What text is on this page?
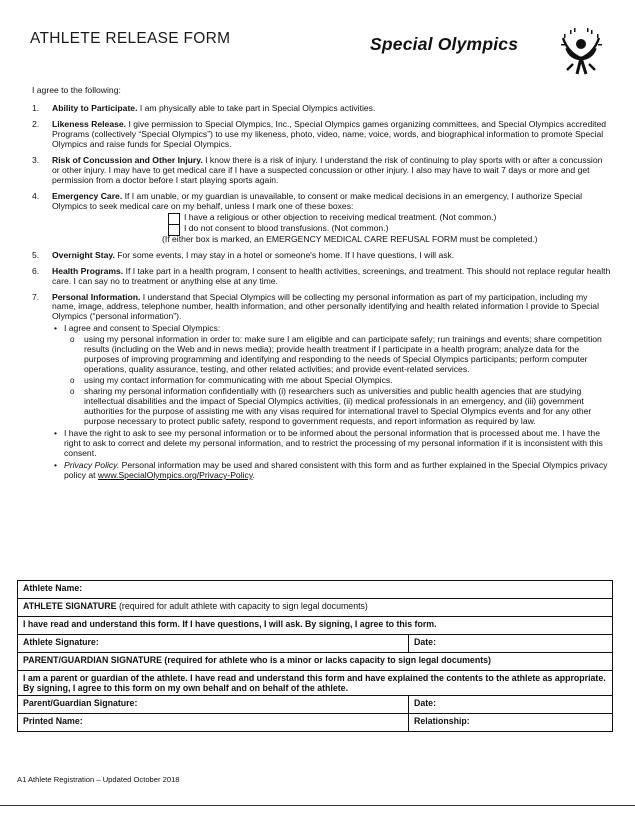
ATHLETE RELEASE FORM	Special Olympics

I agree to the following:

1. Ability to Participate. I am physically able to take part in Special Olympics activities.
2. Likeness Release. I give permission to Special Olympics, Inc., Special Olympics games organizing committees, and Special Olympics accredited Programs (collectively “Special Olympics”) to use my likeness, photo, video, name, voice, words, and biographical information to promote Special Olympics and raise funds for Special Olympics.
3. Risk of Concussion and Other Injury. I know there is a risk of injury. I understand the risk of continuing to play sports with or after a concussion or other injury. I may have to get medical care if I have a suspected concussion or other injury. I also may have to wait 7 days or more and get permission from a doctor before I start playing sports again.
4. Emergency Care. If I am unable, or my guardian is unavailable, to consent or make medical decisions in an emergency, I authorize Special Olympics to seek medical care on my behalf, unless I mark one of these boxes:
I have a religious or other objection to receiving medical treatment. (Not common.)
I do not consent to blood transfusions. (Not common.)
(If either box is marked, an EMERGENCY MEDICAL CARE REFUSAL FORM must be completed.)
5. Overnight Stay. For some events, I may stay in a hotel or someone's home. If I have questions, I will ask.
6. Health Programs. If I take part in a health program, I consent to health activities, screenings, and treatment. This should not replace regular health care. I can say no to treatment or anything else at any time.
7. Personal Information. I understand that Special Olympics will be collecting my personal information as part of my participation, including my name, image, address, telephone number, health information, and other personally identifying and health related information I provide to Special Olympics (“personal information”).
• I agree and consent to Special Olympics:
o using my personal information in order to: make sure I am eligible and can participate safely; run trainings and events; share competition results (including on the Web and in news media); provide health treatment if I participate in a health program; analyze data for the purposes of improving programming and identifying and responding to the needs of Special Olympics participants; perform computer operations, quality assurance, testing, and other related activities; and provide event-related services.
o using my contact information for communicating with me about Special Olympics.
o sharing my personal information confidentially with (i) researchers such as universities and public health agencies that are studying intellectual disabilities and the impact of Special Olympics activities, (ii) medical professionals in an emergency, and (iii) government authorities for the purpose of assisting me with any visas required for international travel to Special Olympics events and for any other purpose necessary to protect public safety, respond to government requests, and report information as required by law.
• I have the right to ask to see my personal information or to be informed about the personal information that is processed about me. I have the right to ask to correct and delete my personal information, and to restrict the processing of my personal information if it is inconsistent with this consent.
• Privacy Policy. Personal information may be used and shared consistent with this form and as further explained in the Special Olympics privacy policy at www.SpecialOlympics.org/Privacy-Policy.
Athlete Name:	
ATHLETE SIGNATURE (required for adult athlete with capacity to sign legal documents)	
I have read and understand this form. If I have questions, I will ask. By signing, I agree to this form.	
Athlete Signature:	Date:
PARENT/GUARDIAN SIGNATURE (required for athlete who is a minor or lacks capacity to sign legal documents)	
I am a parent or guardian of the athlete. I have read and understand this form and have explained the contents to the athlete as appropriate. By signing, I agree to this form on my own behalf and on behalf of the athlete.	
Parent/Guardian Signature:	Date:
Printed Name:	Relationship:
A1 Athlete Registration – Updated October 2018
